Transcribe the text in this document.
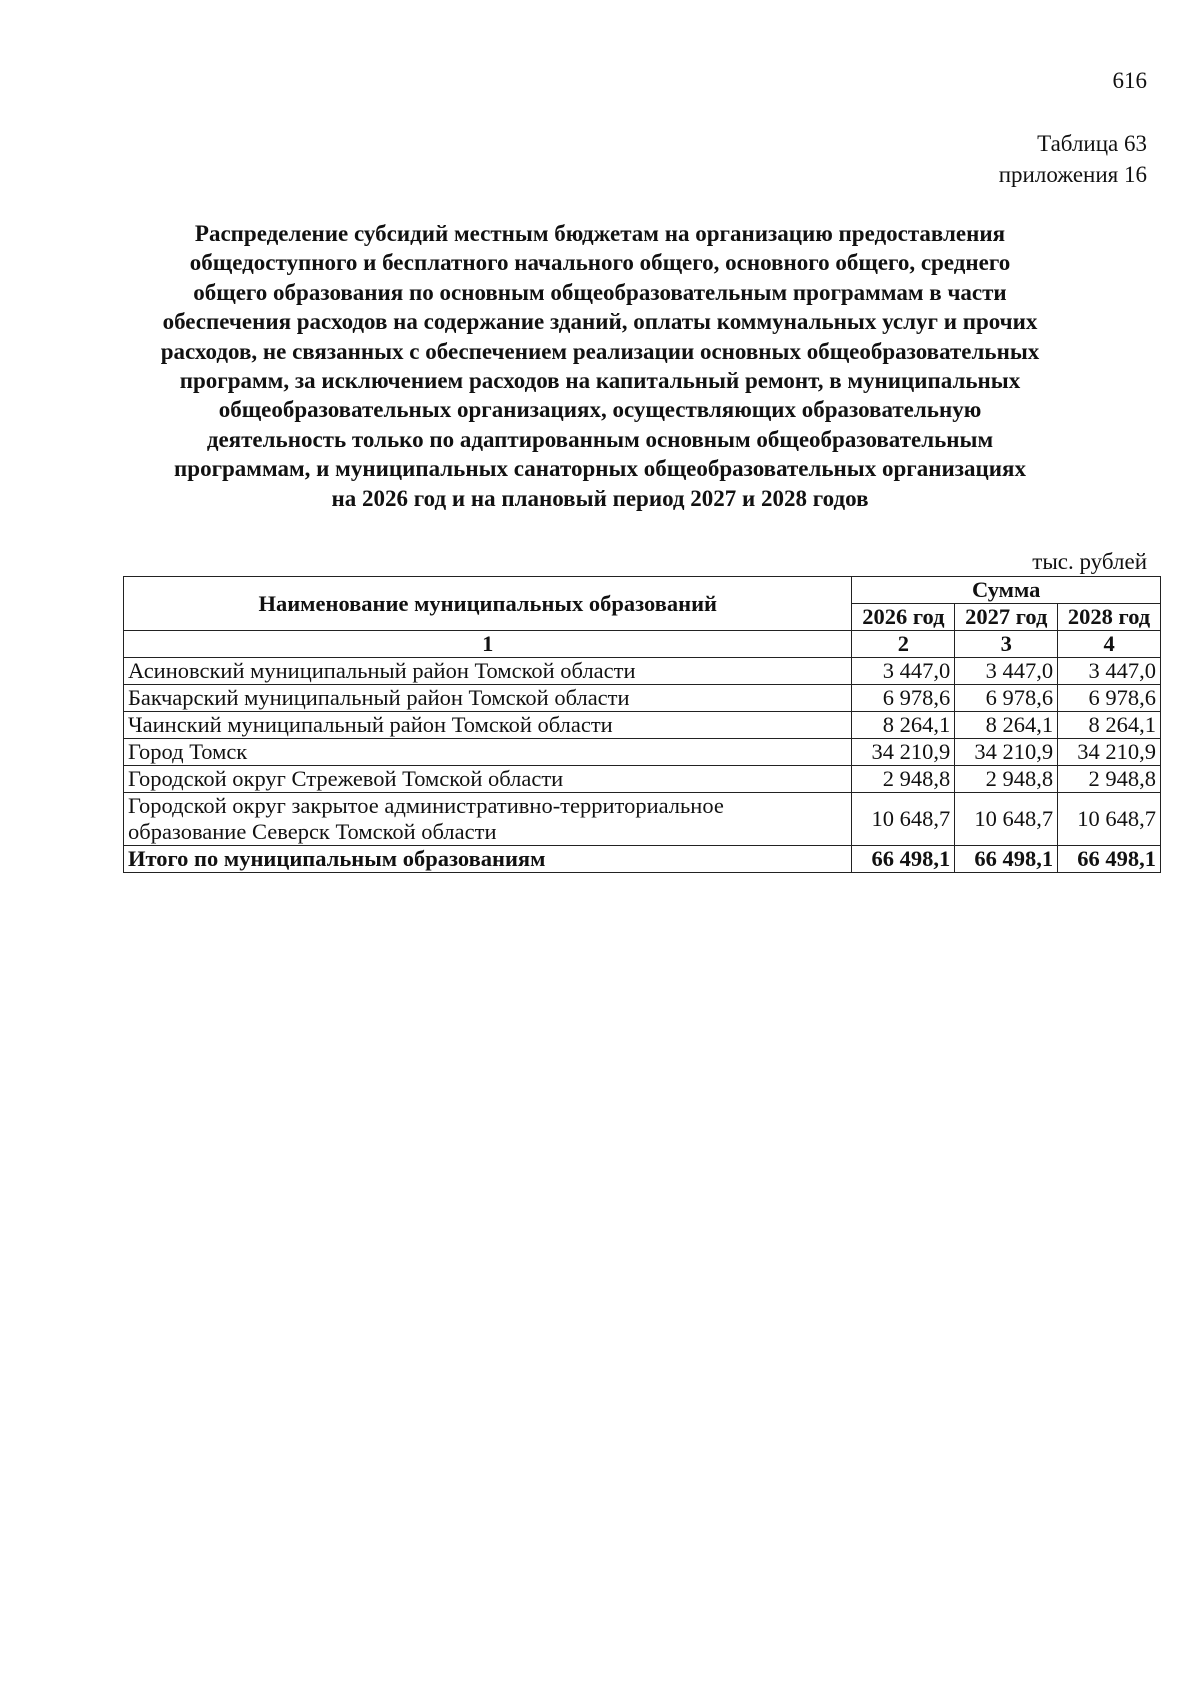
616
Таблица 63
приложения 16
Распределение субсидий местным бюджетам на организацию предоставления
общедоступного и бесплатного начального общего, основного общего, среднего
общего образования по основным общеобразовательным программам в части
обеспечения расходов на содержание зданий, оплаты коммунальных услуг и прочих
расходов, не связанных с обеспечением реализации основных общеобразовательных
программ, за исключением расходов на капитальный ремонт, в муниципальных
общеобразовательных организациях, осуществляющих образовательную
деятельность только по адаптированным основным общеобразовательным
программам, и муниципальных санаторных общеобразовательных организациях
на 2026 год и на плановый период 2027 и 2028 годов
тыс. рублей
Наименование муниципальных образований	Сумма		
	2026 год	2027 год	2028 год
1	2	3	4

Асиновский муниципальный район Томской области	3 447,0	3 447,0	3 447,0

Бакчарский муниципальный район Томской области	6 978,6	6 978,6	6 978,6

Чаинский муниципальный район Томской области	8 264,1	8 264,1	8 264,1

Город Томск	34 210,9	34 210,9	34 210,9

Городской округ Стрежевой Томской области	2 948,8	2 948,8	2 948,8

Городской округ закрытое административно-территориальное
образование Северск Томской области	10 648,7	10 648,7	10 648,7
Итого по муниципальным образованиям	66 498,1	66 498,1	66 498,1
